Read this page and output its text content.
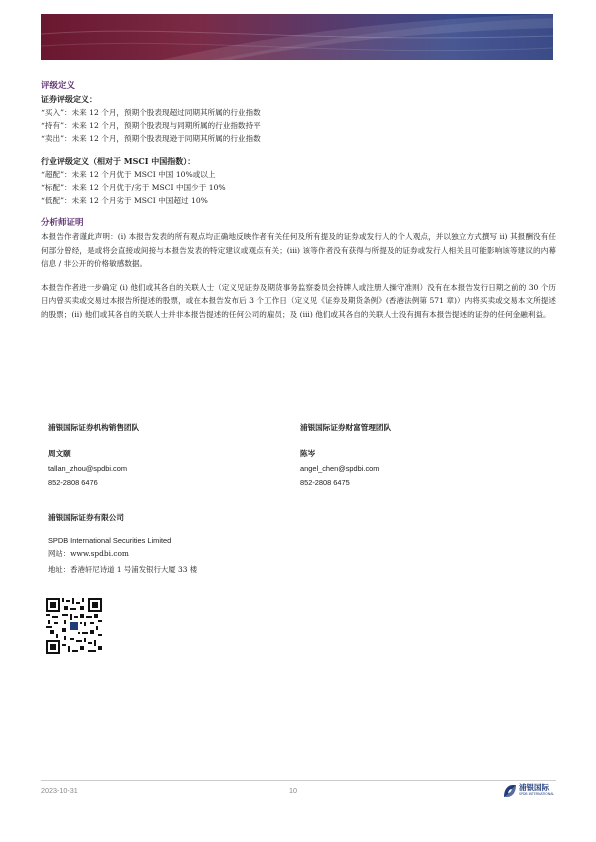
评级定义

证券评级定义：

“买入”：未来 12 个月，预期个股表现超过同期其所属的行业指数

“持有”：未来 12 个月，预期个股表现与同期所属的行业指数持平

“卖出”：未来 12 个月，预期个股表现逊于同期其所属的行业指数

行业评级定义（相对于 MSCI 中国指数）：

“超配”：未来 12 个月优于 MSCI 中国 10%或以上

“标配”：未来 12 个月优于/劣于 MSCI 中国少于 10%

“低配”：未来 12 个月劣于 MSCI 中国超过 10%

分析师证明

本报告作者谨此声明：(i) 本报告发表的所有观点均正确地反映作者有关任何及所有提及的证券或发行人的个人观点，并以独立方式撰写 ii) 其报酬没有任何部分曾经，是或将会直接或间接与本报告发表的特定建议或观点有关；(iii) 该等作者没有获得与所提及的证券或发行人相关且可能影响该等建议的内幕信息 / 非公开的价格敏感数据。

本报告作者进一步确定 (i) 他们或其各自的关联人士（定义见证券及期货事务监察委员会持牌人或注册人操守准则）没有在本报告发行日期之前的 30 个历日内曾买卖或交易过本报告所提述的股票，或在本报告发布后 3 个工作日（定义见《证券及期货条例》(香港法例第 571 章)）内将买卖或交易本文所提述的股票；(ii) 他们或其各自的关联人士并非本报告提述的任何公司的雇员；及 (iii) 他们或其各自的关联人士没有拥有本报告提述的证券的任何金融利益。

浦银国际证券机构销售团队
周文颐
tallan_zhou@spdbi.com
852-2808 6476
浦银国际证券财富管理团队
陈岑
angel_chen@spdbi.com
852-2808 6475
浦银国际证券有限公司
SPDB International Securities Limited
网站：www.spdbi.com
地址：香港轩尼诗道 1 号浦发银行大厦 33 楼
2023-10-31	10	浦银国际
SPDB INTERNATIONAL
